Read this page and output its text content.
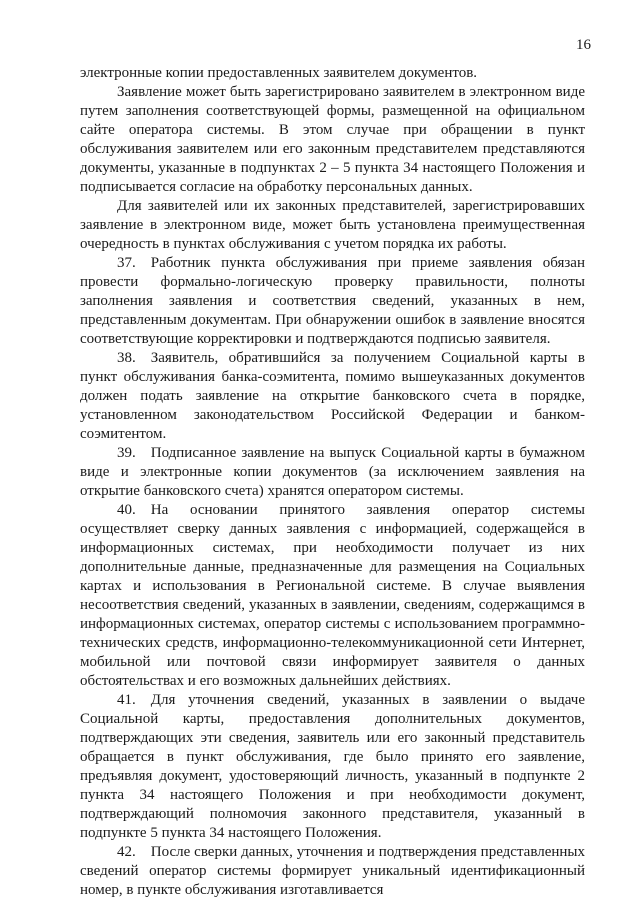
16

электронные копии предоставленных заявителем документов.

Заявление может быть зарегистрировано заявителем в электронном виде путем заполнения соответствующей формы, размещенной на официальном сайте оператора системы. В этом случае при обращении в пункт обслуживания заявителем или его законным представителем представляются документы, указанные в подпунктах 2 – 5 пункта 34 настоящего Положения и подписывается согласие на обработку персональных данных.

Для заявителей или их законных представителей, зарегистрировавших заявление в электронном виде, может быть установлена преимущественная очередность в пунктах обслуживания с учетом порядка их работы.

37. Работник пункта обслуживания при приеме заявления обязан провести формально-логическую проверку правильности, полноты заполнения заявления и соответствия сведений, указанных в нем, представленным документам. При обнаружении ошибок в заявление вносятся соответствующие корректировки и подтверждаются подписью заявителя.

38. Заявитель, обратившийся за получением Социальной карты в пункт обслуживания банка-соэмитента, помимо вышеуказанных документов должен подать заявление на открытие банковского счета в порядке, установленном законодательством Российской Федерации и банком-соэмитентом.

39. Подписанное заявление на выпуск Социальной карты в бумажном виде и электронные копии документов (за исключением заявления на открытие банковского счета) хранятся оператором системы.

40. На основании принятого заявления оператор системы осуществляет сверку данных заявления с информацией, содержащейся в информационных системах, при необходимости получает из них дополнительные данные, предназначенные для размещения на Социальных картах и использования в Региональной системе. В случае выявления несоответствия сведений, указанных в заявлении, сведениям, содержащимся в информационных системах, оператор системы с использованием программно-технических средств, информационно-телекоммуникационной сети Интернет, мобильной или почтовой связи информирует заявителя о данных обстоятельствах и его возможных дальнейших действиях.

41. Для уточнения сведений, указанных в заявлении о выдаче Социальной карты, предоставления дополнительных документов, подтверждающих эти сведения, заявитель или его законный представитель обращается в пункт обслуживания, где было принято его заявление, предъявляя документ, удостоверяющий личность, указанный в подпункте 2 пункта 34 настоящего Положения и при необходимости документ, подтверждающий полномочия законного представителя, указанный в подпункте 5 пункта 34 настоящего Положения.

42. После сверки данных, уточнения и подтверждения представленных сведений оператор системы формирует уникальный идентификационный номер, в пункте обслуживания изготавливается
